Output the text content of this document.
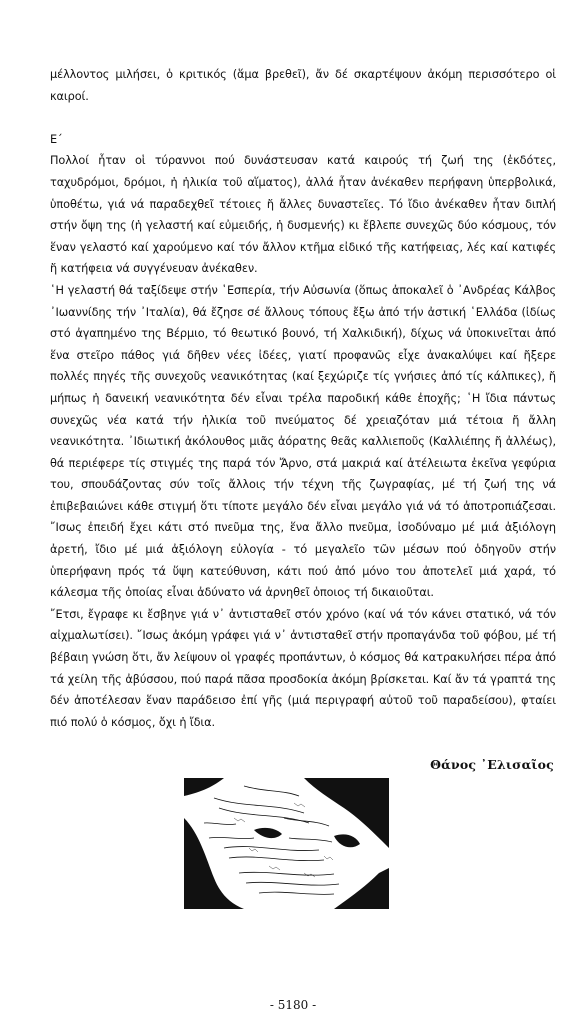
μέλλοντος μιλήσει, ὁ κριτικός (ἅμα βρεθεῖ), ἄν δέ σκαρτέψουν ἀκόμη περισσότερο οἱ καιροί.

Ε΄

Πολλοί ἦταν οἱ τύραννοι πού δυνάστευσαν κατά καιρούς τή ζωή της (ἐκδότες, ταχυδρόμοι, δρόμοι, ἡ ἡλικία τοῦ αἵματος), ἀλλά ἦταν ἀνέκαθεν περήφανη ὑπερβολικά, ὑποθέτω, γιά νά παραδεχθεῖ τέτοιες ἤ ἄλλες δυναστεῖες. Τό ἴδιο ἀνέκαθεν ἦταν διπλή στήν ὄψη της (ἡ γελαστή καί εὐμειδής, ἡ δυσμενής) κι ἔβλεπε συνεχῶς δύο κόσμους, τόν ἕναν γελαστό καί χαρούμενο καί τόν ἄλλον κτῆμα εἰδικό τῆς κατήφειας, λές καί κατιφές ἤ κατήφεια νά συγγένευαν ἀνέκαθεν.

῾Η γελαστή θά ταξίδεψε στήν ῾Εσπερία, τήν Αὐσωνία (ὅπως ἀποκαλεῖ ὁ ᾿Ανδρέας Κάλβος ᾿Ιωαννίδης τήν ᾿Ιταλία), θά ἔζησε σέ ἄλλους τόπους ἔξω ἀπό τήν ἀστική ῾Ελλάδα (ἰδίως στό ἀγαπημένο της Βέρμιο, τό θεωτικό βουνό, τή Χαλκιδική), δίχως νά ὑποκινεῖται ἀπό ἕνα στεῖρο πάθος γιά δῆθεν νέες ἰδέες, γιατί προφανῶς εἶχε ἀνακαλύψει καί ἤξερε πολλές πηγές τῆς συνεχοῦς νεανικότητας (καί ξεχώριζε τίς γνήσιες ἀπό τίς κάλπικες), ἤ μήπως ἡ δανεική νεανικότητα δέν εἶναι τρέλα παροδική κάθε ἐποχῆς; ῾Η ἴδια πάντως συνεχῶς νέα κατά τήν ἡλικία τοῦ πνεύματος δέ χρειαζόταν μιά τέτοια ἤ ἄλλη νεανικότητα. ᾿Ιδιωτική ἀκόλουθος μιᾶς ἀόρατης θεᾶς καλλιεποῦς (Καλλιέπης ἤ ἀλλέως), θά περιέφερε τίς στιγμές της παρά τόν Ἄρνο, στά μακριά καί ἀτέλειωτα ἐκεῖνα γεφύρια του, σπουδάζοντας σύν τοῖς ἄλλοις τήν τέχνη τῆς ζωγραφίας, μέ τή ζωή της νά ἐπιβεβαιώνει κάθε στιγμή ὅτι τίποτε μεγάλο δέν εἶναι μεγάλο γιά νά τό ἀποτροπιάζεσαι. ῎Ισως ἐπειδή ἔχει κάτι στό πνεῦμα της, ἕνα ἄλλο πνεῦμα, ἰσοδύναμο μέ μιά ἀξιόλογη ἀρετή, ἴδιο μέ μιά ἀξιόλογη εὐλογία - τό μεγαλεῖο τῶν μέσων πού ὁδηγοῦν στήν ὑπερήφανη πρός τά ὕψη κατεύθυνση, κάτι πού ἀπό μόνο του ἀποτελεῖ μιά χαρά, τό κάλεσμα τῆς ὁποίας εἶναι ἀδύνατο νά ἀρνηθεῖ ὁποιος τή δικαιοῦται.

῎Ετσι, ἔγραφε κι ἔσβηνε γιά ν᾿ ἀντισταθεῖ στόν χρόνο (καί νά τόν κάνει στατικό, νά τόν αἰχμαλωτίσει). ῎Ισως ἀκόμη γράφει γιά ν᾿ ἀντισταθεῖ στήν προπαγάνδα τοῦ φόβου, μέ τή βέβαιη γνώση ὅτι, ἄν λείψουν οἱ γραφές προπάντων, ὁ κόσμος θά κατρακυλήσει πέρα ἀπό τά χείλη τῆς ἀβύσσου, πού παρά πᾶσα προσδοκία ἀκόμη βρίσκεται. Καί ἄν τά γραπτά της δέν ἀποτέλεσαν ἕναν παράδεισο ἐπί γῆς (μιά περιγραφή αὐτοῦ τοῦ παραδείσου), φταίει πιό πολύ ὁ κόσμος, ὄχι ἡ ἴδια.

Θάνος ᾿Ελισαῖος
- 5180 -
